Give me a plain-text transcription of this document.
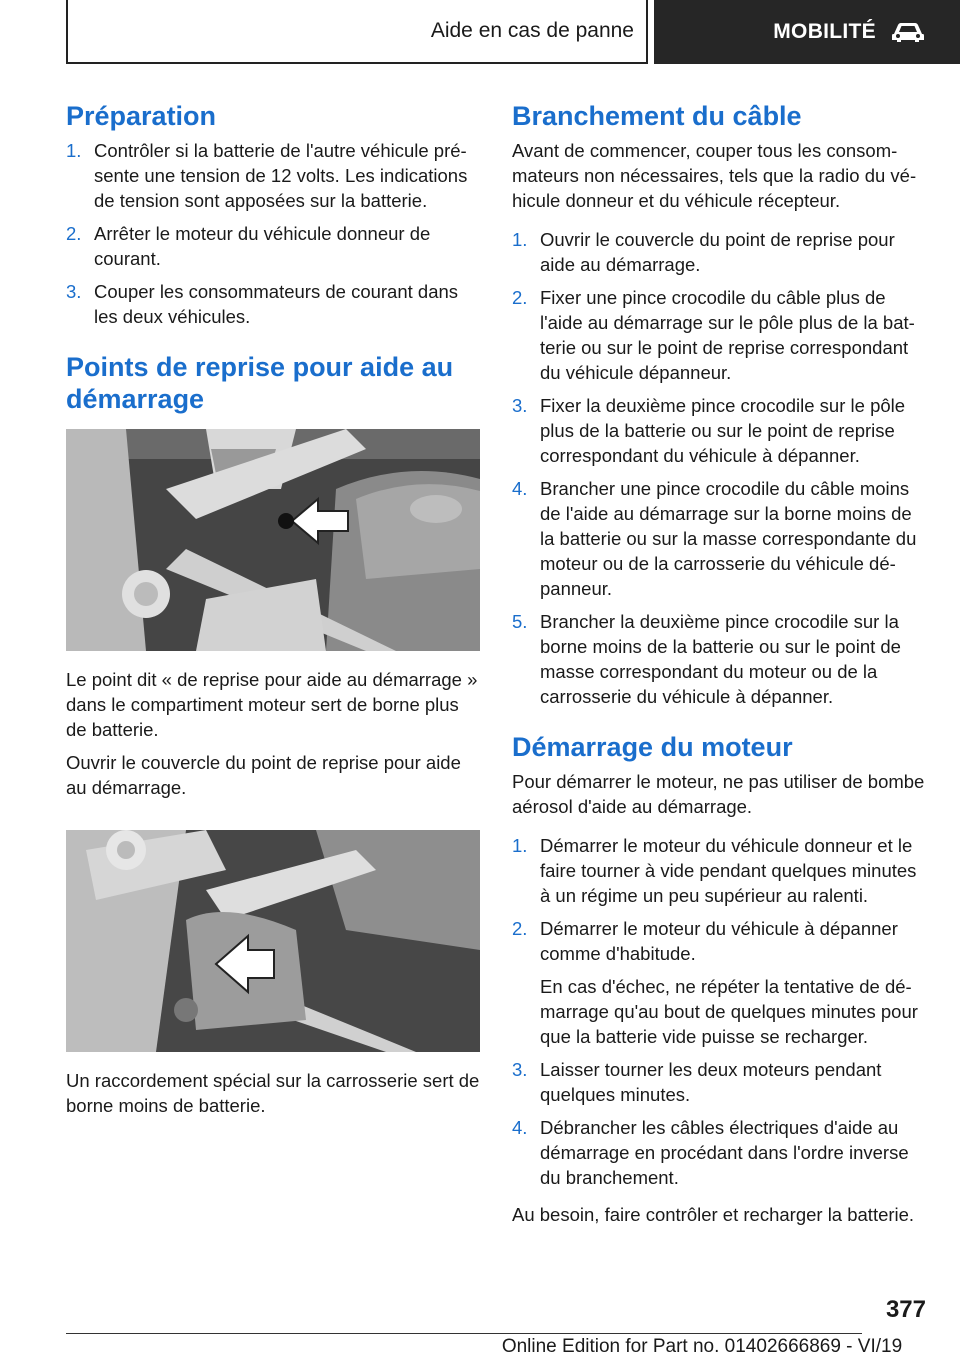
Aide en cas de panne	MOBILITÉ
Préparation
1. Contrôler si la batterie de l'autre véhicule présente une tension de 12 volts. Les indications de tension sont apposées sur la batterie.
2. Arrêter le moteur du véhicule donneur de courant.
3. Couper les consommateurs de courant dans les deux véhicules.
Points de reprise pour aide au démarrage

Le point dit « de reprise pour aide au démarrage » dans le compartiment moteur sert de borne plus de batterie.

Ouvrir le couvercle du point de reprise pour aide au démarrage.

Un raccordement spécial sur la carrosserie sert de borne moins de batterie.

Branchement du câble

Avant de commencer, couper tous les consommateurs non nécessaires, tels que la radio du véhicule donneur et du véhicule récepteur.

1. Ouvrir le couvercle du point de reprise pour aide au démarrage.
2. Fixer une pince crocodile du câble plus de l'aide au démarrage sur le pôle plus de la batterie ou sur le point de reprise correspondant du véhicule dépanneur.
3. Fixer la deuxième pince crocodile sur le pôle plus de la batterie ou sur le point de reprise correspondant du véhicule à dépanner.
4. Brancher une pince crocodile du câble moins de l'aide au démarrage sur la borne moins de la batterie ou sur la masse correspondante du moteur ou de la carrosserie du véhicule dépanneur.
5. Brancher la deuxième pince crocodile sur la borne moins de la batterie ou sur le point de masse correspondant du moteur ou de la carrosserie du véhicule à dépanner.
Démarrage du moteur

Pour démarrer le moteur, ne pas utiliser de bombe aérosol d'aide au démarrage.

1. Démarrer le moteur du véhicule donneur et le faire tourner à vide pendant quelques minutes à un régime un peu supérieur au ralenti.
2. Démarrer le moteur du véhicule à dépanner comme d'habitude.
En cas d'échec, ne répéter la tentative de démarrage qu'au bout de quelques minutes pour que la batterie vide puisse se recharger.
3. Laisser tourner les deux moteurs pendant quelques minutes.
4. Débrancher les câbles électriques d'aide au démarrage en procédant dans l'ordre inverse du branchement.

Au besoin, faire contrôler et recharger la batterie.

377
Online Edition for Part no. 01402666869 - VI/19
